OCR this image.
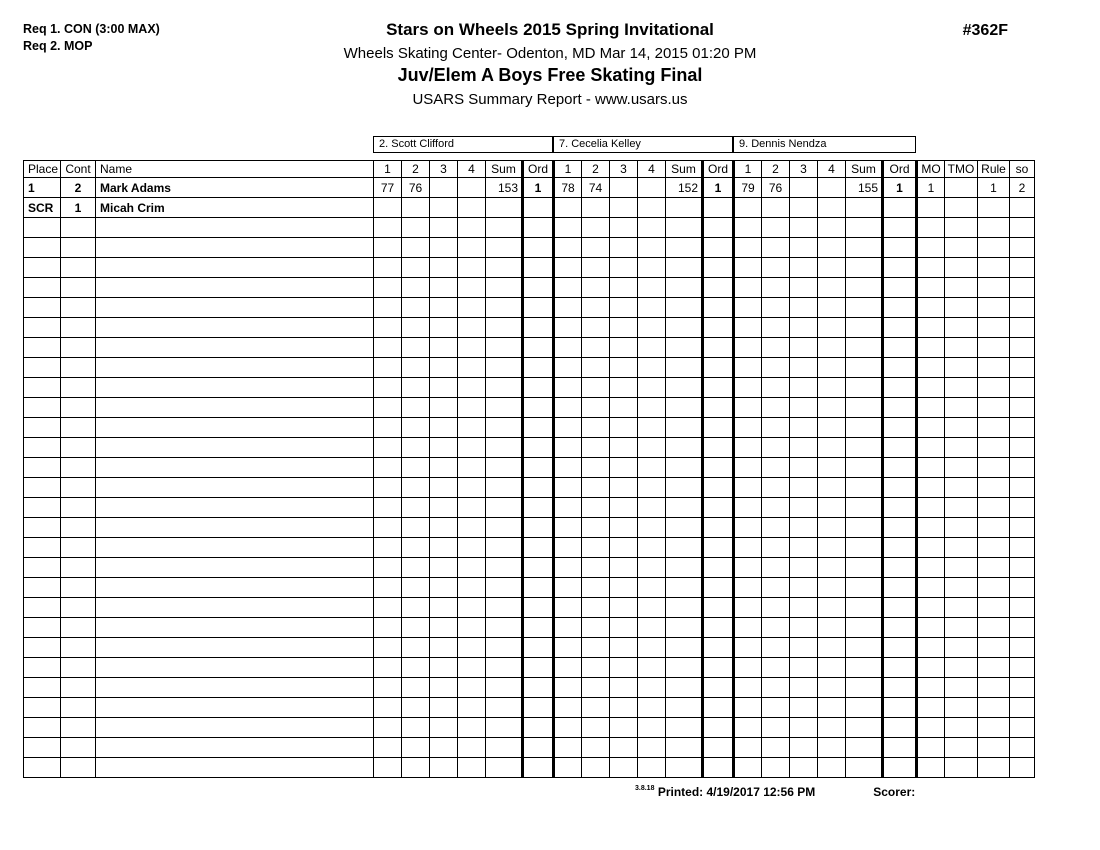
Req 1. CON (3:00 MAX)
Req 2. MOP
#362F
Stars on Wheels 2015 Spring Invitational
Wheels Skating Center- Odenton, MD Mar 14, 2015 01:20 PM
Juv/Elem A Boys Free Skating Final
USARS Summary Report - www.usars.us
2. Scott Clifford	7. Cecelia Kelley	9. Dennis Nendza
Place	Cont	Name	1	2	3	4	Sum	Ord	1	2	3	4	Sum	Ord	1	2	3	4	Sum	Ord	MO	TMO	Rule	so
1	2	Mark Adams	77	76			153	1	78	74			152	1	79	76			155	1	1		1	2
SCR	1	Micah Crim																						

$^{3.8.18}$ Printed: 4/19/2017 12:56 PM	Scorer:
